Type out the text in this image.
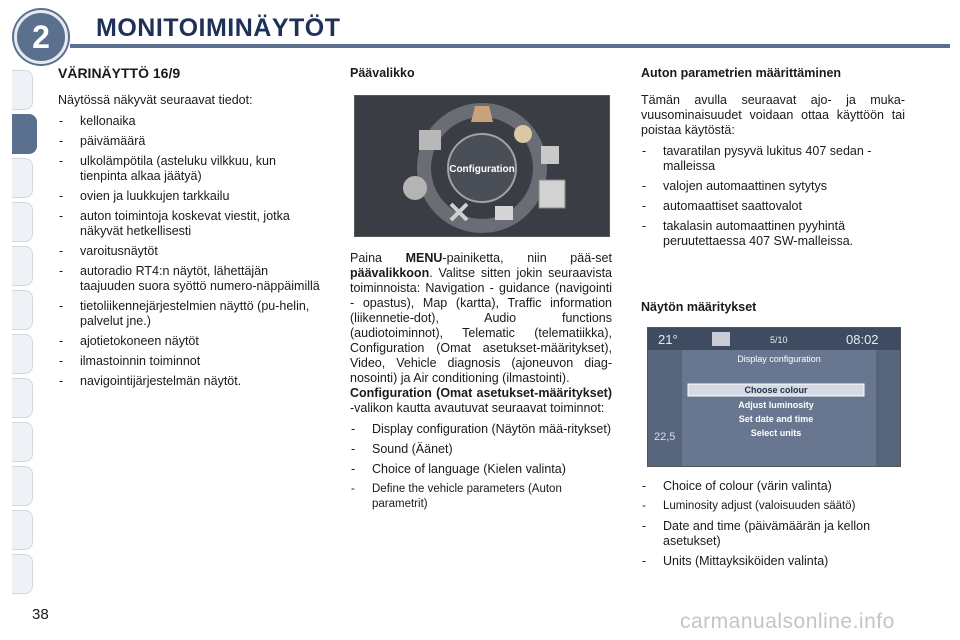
2	MONITOIMINÄYTÖT
VÄRINÄYTTÖ 16/9

Näytössä näkyvät seuraavat tiedot:

- kellonaika
- päivämäärä
- ulkolämpötila (asteluku vilkkuu, kun tienpinta alkaa jäätyä)
- ovien ja luukkujen tarkkailu
- auton toimintoja koskevat viestit, jotka näkyvät hetkellisesti
- varoitusnäytöt
- autoradio RT4:n näytöt, lähettäjän taajuuden suora syöttö numero-näppäimillä
- tietoliikennejärjestelmien näyttö (pu-helin, palvelut jne.)
- ajotietokoneen näytöt
- ilmastoinnin toiminnot
- navigointijärjestelmän näytöt.
Päävalikko
Configuration

Paina MENU-painiketta, niin pää-set päävalikkoon. Valitse sitten jokin seuraavista toiminnoista: Navigation - guidance (navigointi - opastus), Map (kartta), Traffic information (liikennetie-dot), Audio functions (audiotoiminnot), Telematic (telematiikka), Configuration (Omat asetukset-määritykset), Video, Vehicle diagnosis (ajoneuvon diag-nosointi) ja Air conditioning (ilmastointi).

Configuration (Omat asetukset-määritykset) -valikon kautta avautuvat seuraavat toiminnot:

- Display configuration (Näytön mää-ritykset)
- Sound (Äänet)
- Choice of language (Kielen valinta)
- Define the vehicle parameters (Auton parametrit)
Auton parametrien määrittäminen

Tämän avulla seuraavat ajo- ja muka-vuusominaisuudet voidaan ottaa käyttöön tai poistaa käytöstä:

- tavaratilan pysyvä lukitus 407 sedan -malleissa
- valojen automaattinen sytytys
- automaattiset saattovalot
- takalasin automaattinen pyyhintä peruutettaessa 407 SW-malleissa.
Näytön määritykset
21°	5/10	08:02
Display configuration
Choose colour
Adjust luminosity
Set date and time
Select units
22,5
- Choice of colour (värin valinta)
- Luminosity adjust (valoisuuden säätö)
- Date and time (päivämäärän ja kellon asetukset)
- Units (Mittayksiköiden valinta)
38	carmanualsonline.info
